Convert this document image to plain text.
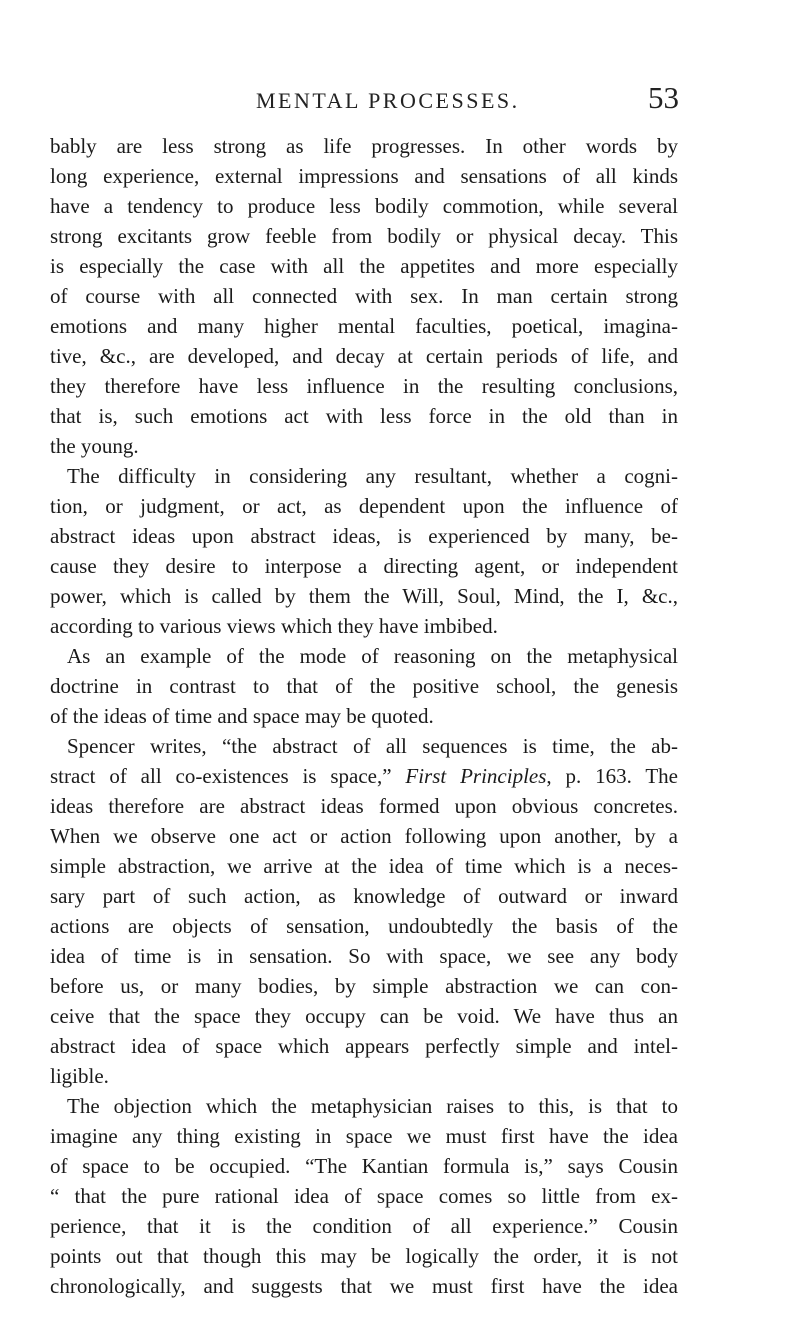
MENTAL PROCESSES.	53
bably are less strong as life progresses. In other words by
long experience, external impressions and sensations of all kinds
have a tendency to produce less bodily commotion, while several
strong excitants grow feeble from bodily or physical decay. This
is especially the case with all the appetites and more especially
of course with all connected with sex. In man certain strong
emotions and many higher mental faculties, poetical, imagina-
tive, &c., are developed, and decay at certain periods of life, and
they therefore have less influence in the resulting conclusions,
that is, such emotions act with less force in the old than in
the young.
The difficulty in considering any resultant, whether a cogni-
tion, or judgment, or act, as dependent upon the influence of
abstract ideas upon abstract ideas, is experienced by many, be-
cause they desire to interpose a directing agent, or independent
power, which is called by them the Will, Soul, Mind, the I, &c.,
according to various views which they have imbibed.
As an example of the mode of reasoning on the metaphysical
doctrine in contrast to that of the positive school, the genesis
of the ideas of time and space may be quoted.
Spencer writes, “the abstract of all sequences is time, the ab-
stract of all co-existences is space,” First Principles, p. 163. The
ideas therefore are abstract ideas formed upon obvious concretes.
When we observe one act or action following upon another, by a
simple abstraction, we arrive at the idea of time which is a neces-
sary part of such action, as knowledge of outward or inward
actions are objects of sensation, undoubtedly the basis of the
idea of time is in sensation. So with space, we see any body
before us, or many bodies, by simple abstraction we can con-
ceive that the space they occupy can be void. We have thus an
abstract idea of space which appears perfectly simple and intel-
ligible.
The objection which the metaphysician raises to this, is that to
imagine any thing existing in space we must first have the idea
of space to be occupied. “The Kantian formula is,” says Cousin
“ that the pure rational idea of space comes so little from ex-
perience, that it is the condition of all experience.” Cousin
points out that though this may be logically the order, it is not
chronologically, and suggests that we must first have the idea
